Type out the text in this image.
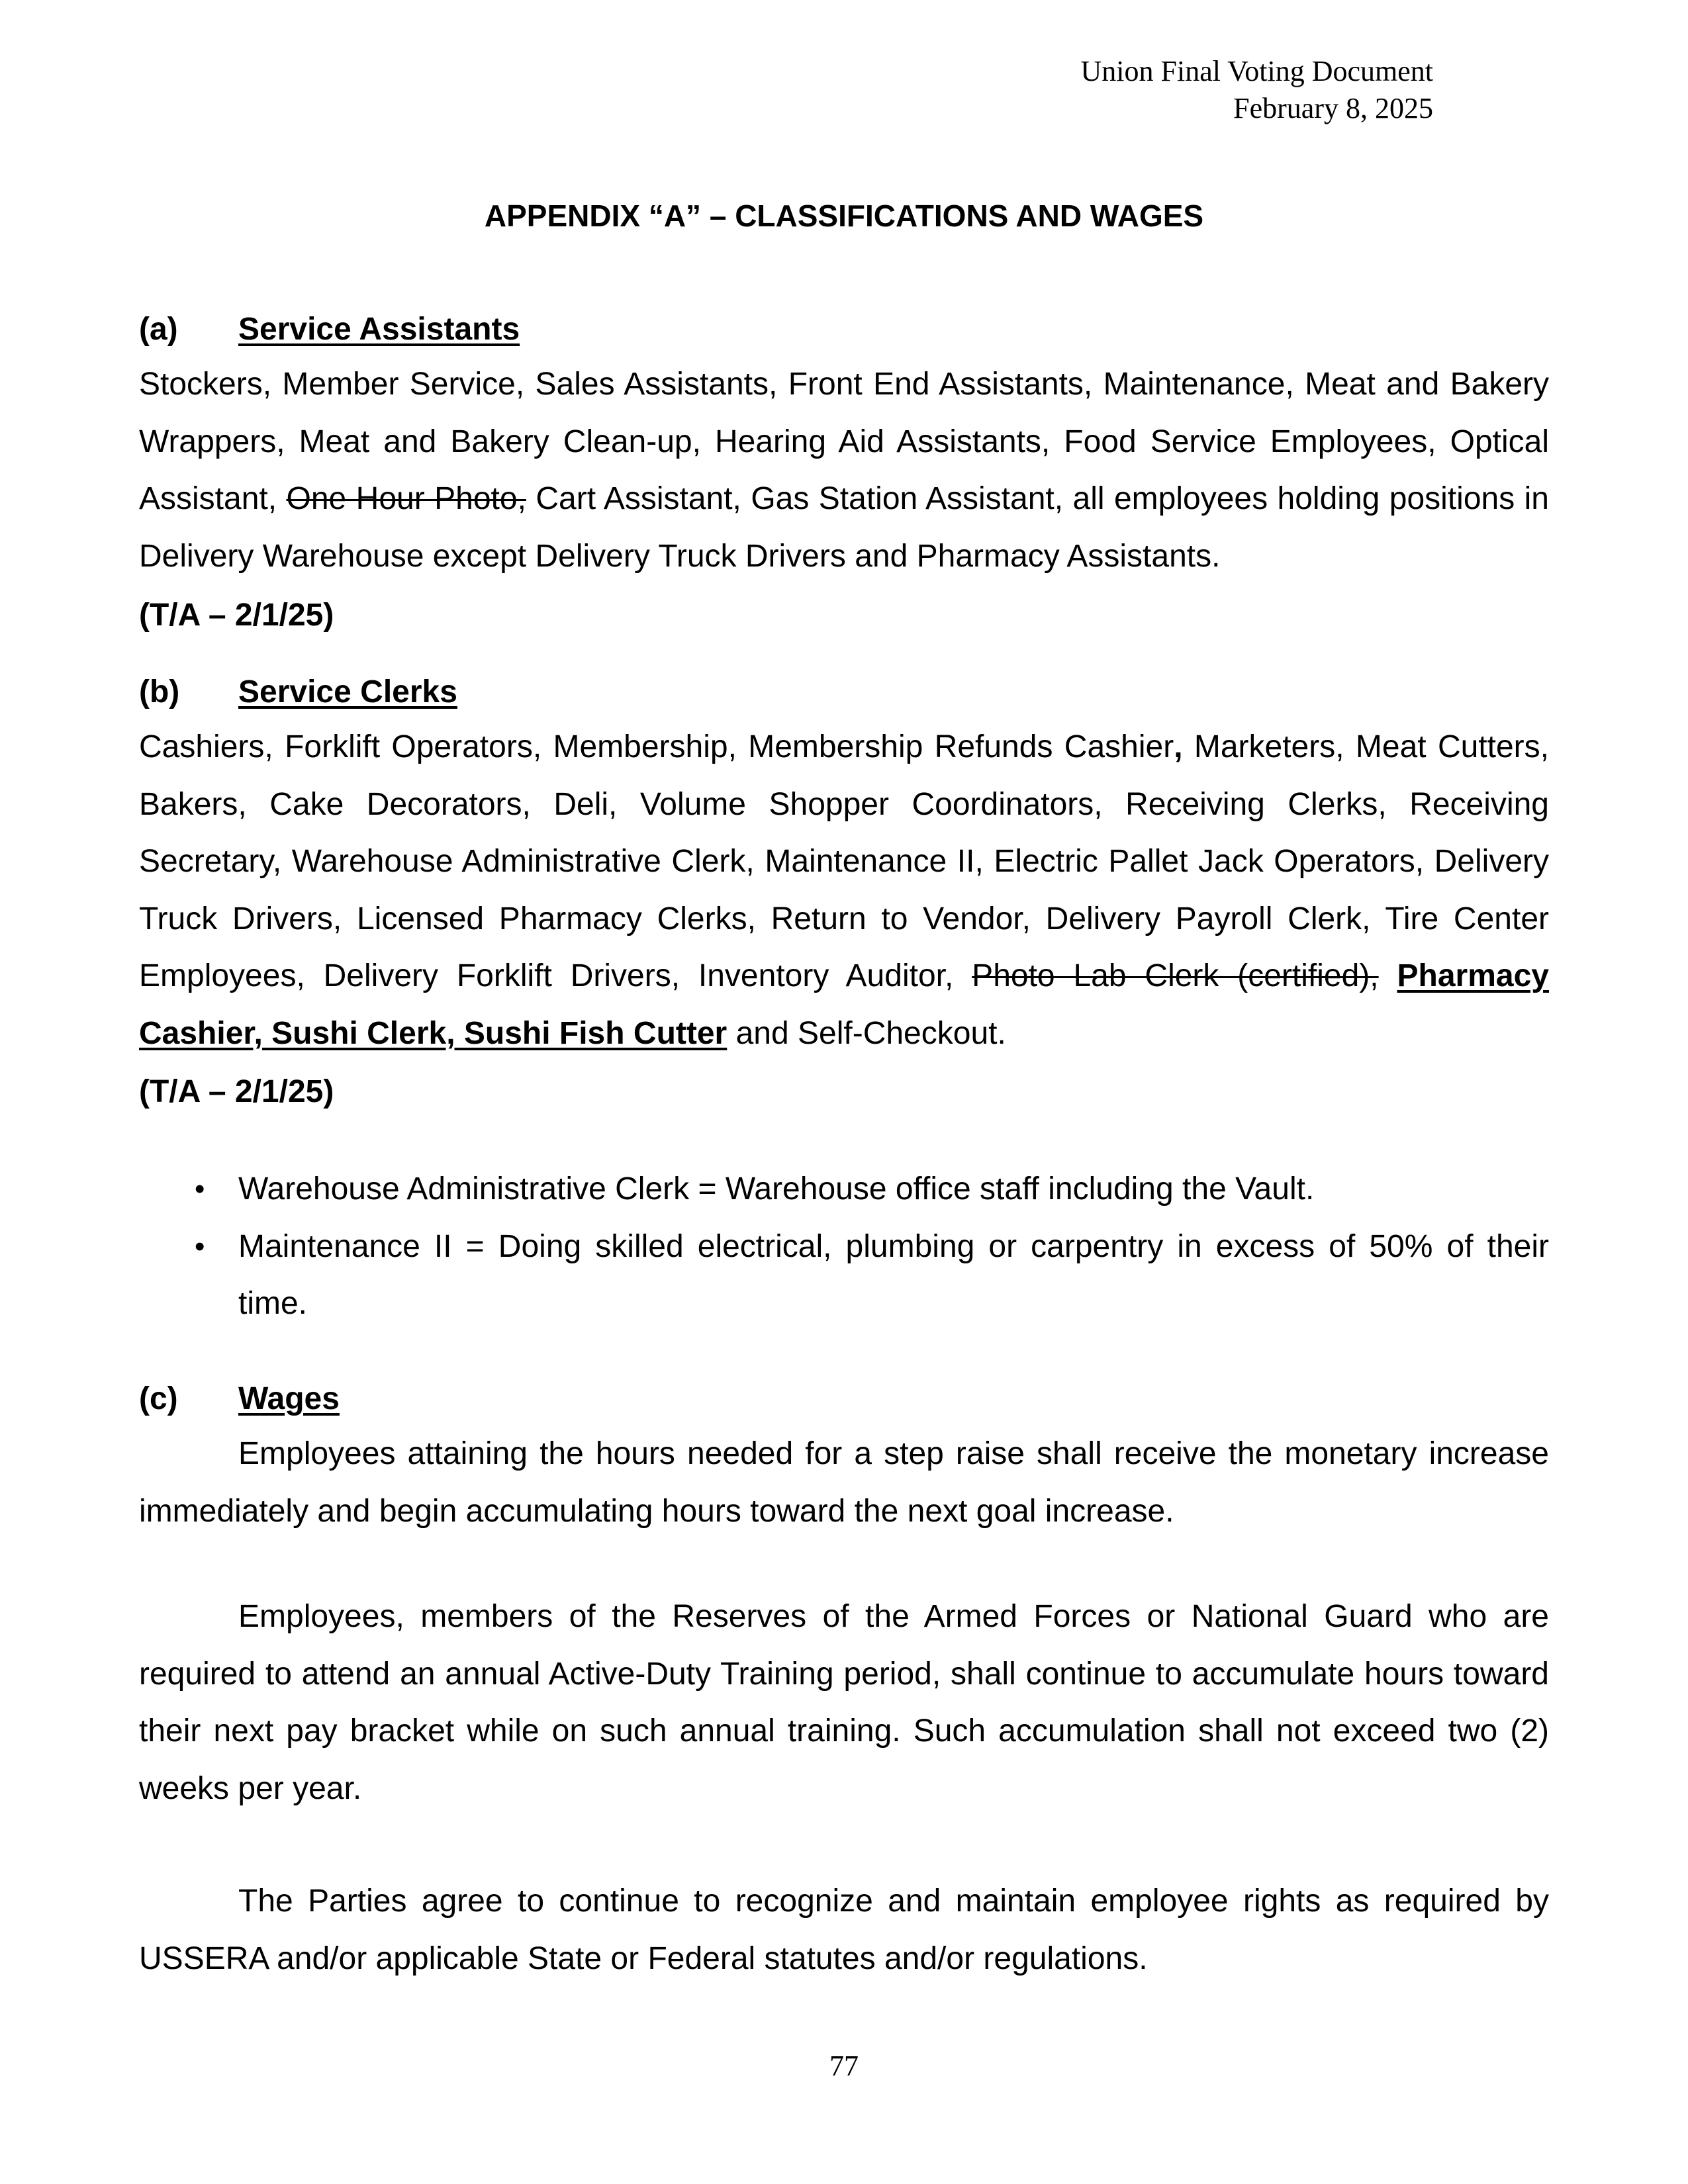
Union Final Voting Document
February 8, 2025
APPENDIX “A” – CLASSIFICATIONS AND WAGES
(a) Service Assistants
Stockers, Member Service, Sales Assistants, Front End Assistants, Maintenance, Meat and Bakery Wrappers, Meat and Bakery Clean-up, Hearing Aid Assistants, Food Service Employees, Optical Assistant, One Hour Photo, Cart Assistant, Gas Station Assistant, all employees holding positions in Delivery Warehouse except Delivery Truck Drivers and Pharmacy Assistants.
(T/A – 2/1/25)
(b) Service Clerks
Cashiers, Forklift Operators, Membership, Membership Refunds Cashier, Marketers, Meat Cutters, Bakers, Cake Decorators, Deli, Volume Shopper Coordinators, Receiving Clerks, Receiving Secretary, Warehouse Administrative Clerk, Maintenance II, Electric Pallet Jack Operators, Delivery Truck Drivers, Licensed Pharmacy Clerks, Return to Vendor, Delivery Payroll Clerk, Tire Center Employees, Delivery Forklift Drivers, Inventory Auditor, Photo Lab Clerk (certified), Pharmacy Cashier, Sushi Clerk, Sushi Fish Cutter and Self-Checkout.
(T/A – 2/1/25)
• Warehouse Administrative Clerk = Warehouse office staff including the Vault.
• Maintenance II = Doing skilled electrical, plumbing or carpentry in excess of 50% of their time.
(c) Wages
Employees attaining the hours needed for a step raise shall receive the monetary increase immediately and begin accumulating hours toward the next goal increase.
Employees, members of the Reserves of the Armed Forces or National Guard who are required to attend an annual Active-Duty Training period, shall continue to accumulate hours toward their next pay bracket while on such annual training. Such accumulation shall not exceed two (2) weeks per year.
The Parties agree to continue to recognize and maintain employee rights as required by USSERA and/or applicable State or Federal statutes and/or regulations.
77
